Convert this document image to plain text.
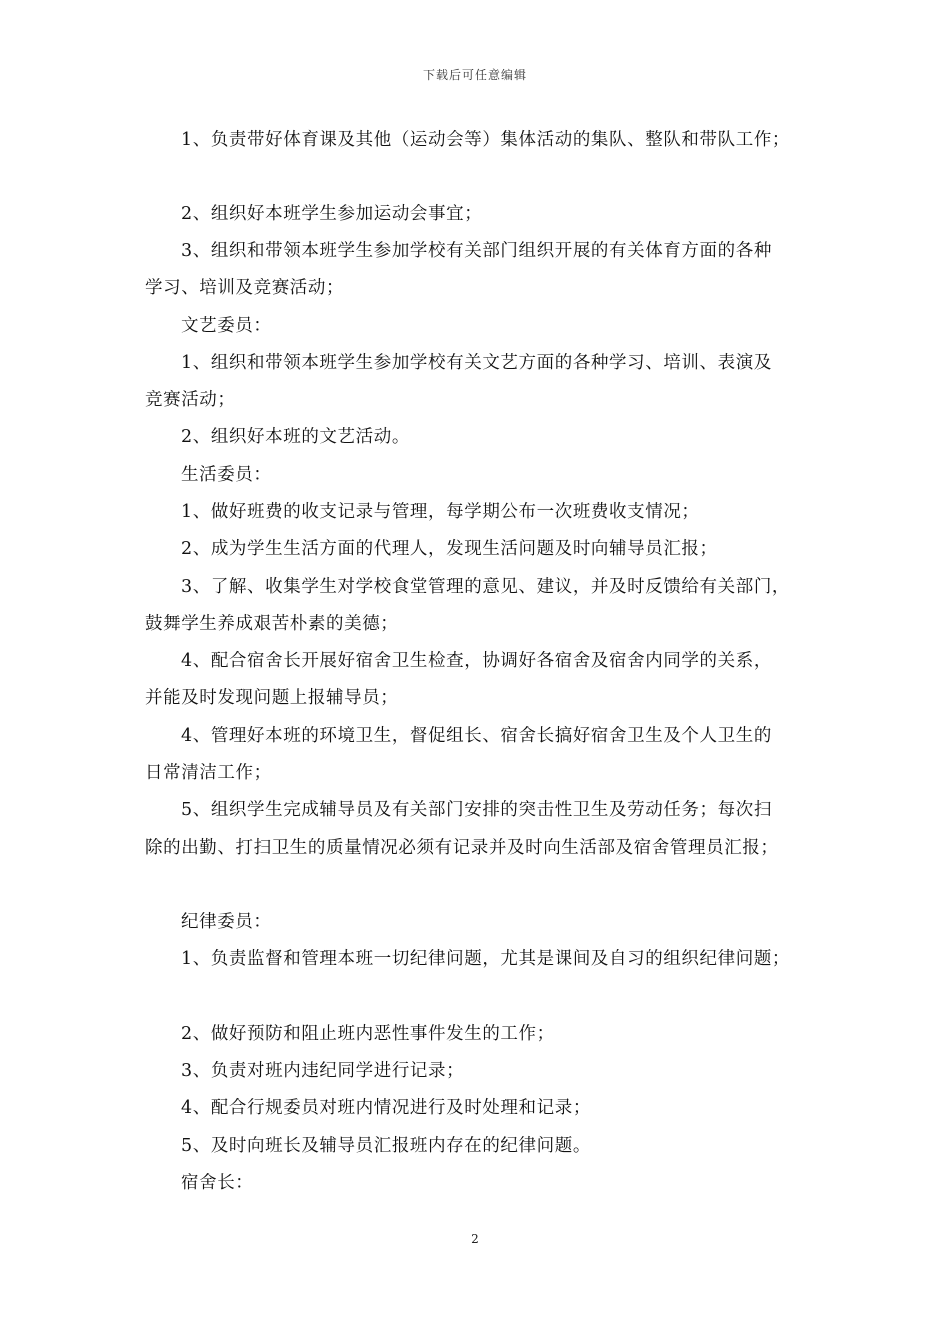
下载后可任意编辑
1、负责带好体育课及其他（运动会等）集体活动的集队、整队和带队工作；
2、组织好本班学生参加运动会事宜；
3、组织和带领本班学生参加学校有关部门组织开展的有关体育方面的各种
学习、培训及竞赛活动；
文艺委员：
1、组织和带领本班学生参加学校有关文艺方面的各种学习、培训、表演及
竞赛活动；
2、组织好本班的文艺活动。
生活委员：
1、做好班费的收支记录与管理，每学期公布一次班费收支情况；
2、成为学生生活方面的代理人，发现生活问题及时向辅导员汇报；
3、了解、收集学生对学校食堂管理的意见、建议，并及时反馈给有关部门，
鼓舞学生养成艰苦朴素的美德；
4、配合宿舍长开展好宿舍卫生检查，协调好各宿舍及宿舍内同学的关系，
并能及时发现问题上报辅导员；
4、管理好本班的环境卫生，督促组长、宿舍长搞好宿舍卫生及个人卫生的
日常清洁工作；
5、组织学生完成辅导员及有关部门安排的突击性卫生及劳动任务；每次扫
除的出勤、打扫卫生的质量情况必须有记录并及时向生活部及宿舍管理员汇报；
纪律委员：
1、负责监督和管理本班一切纪律问题，尤其是课间及自习的组织纪律问题；
2、做好预防和阻止班内恶性事件发生的工作；
3、负责对班内违纪同学进行记录；
4、配合行规委员对班内情况进行及时处理和记录；
5、及时向班长及辅导员汇报班内存在的纪律问题。
宿舍长：
2
